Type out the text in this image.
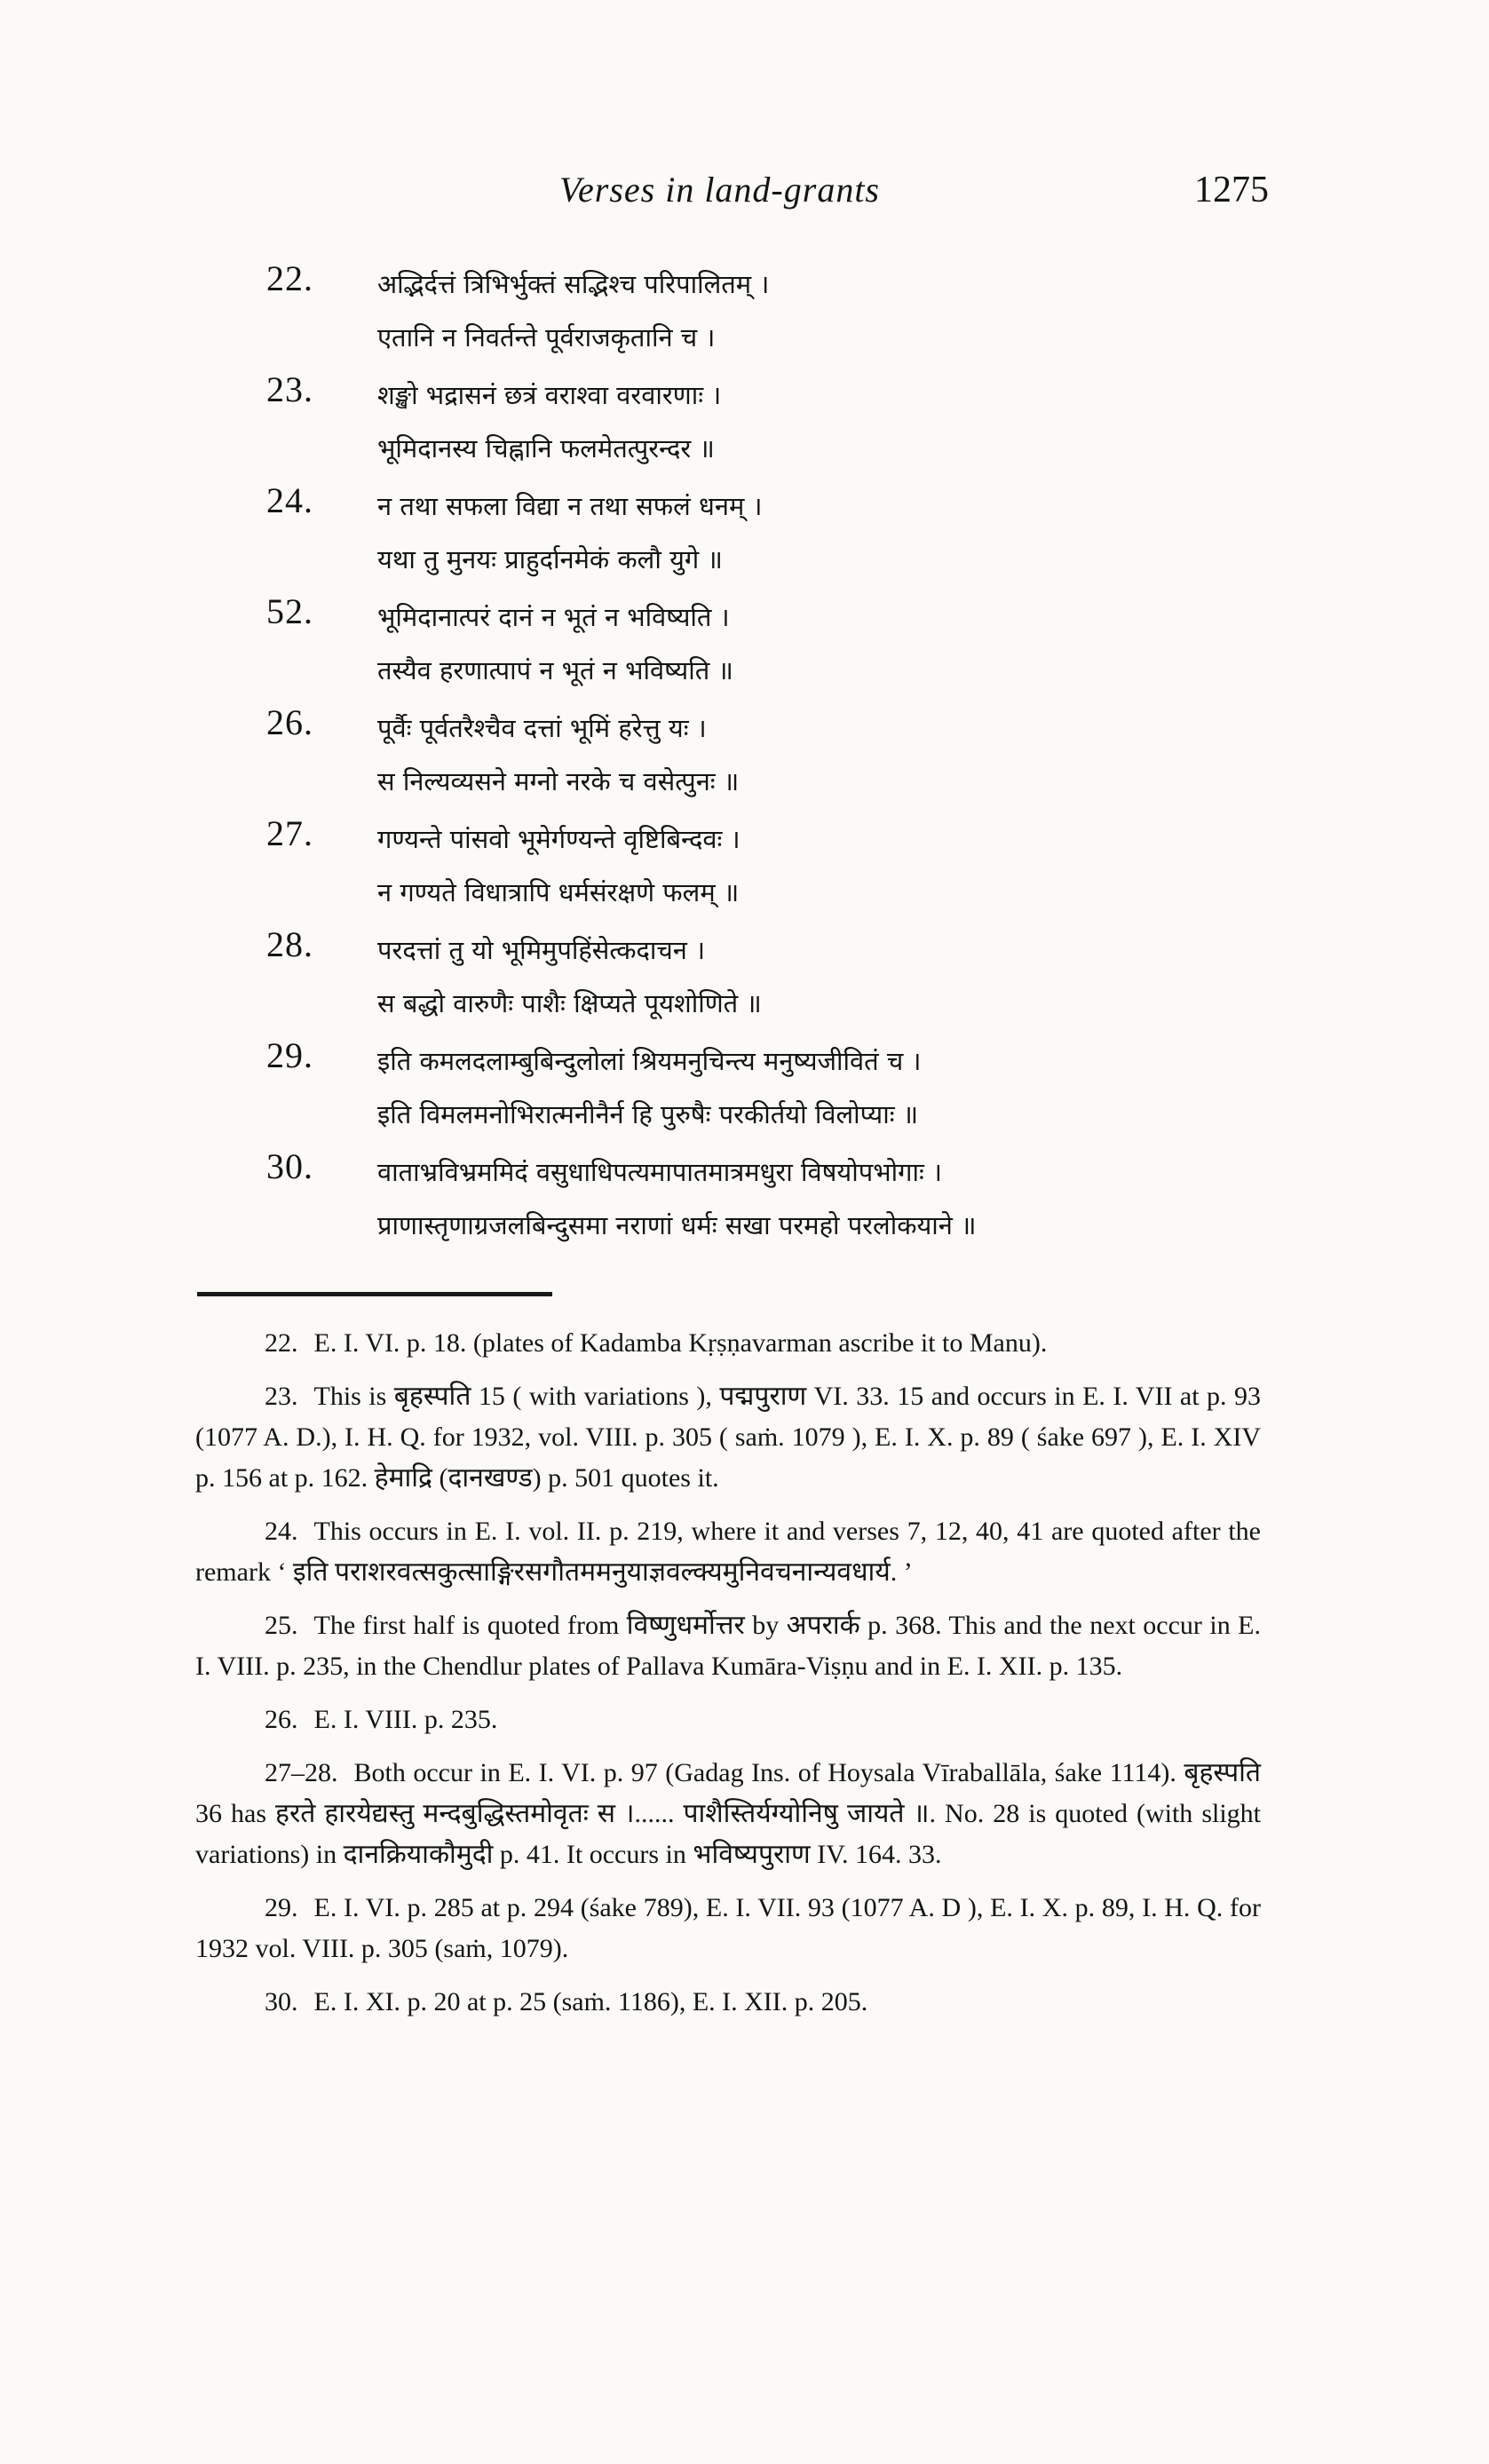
Verses in land-grants	1275
22. अद्भिर्दत्तं त्रिभिर्भुक्तं सद्भिश्च परिपालितम् ।
एतानि न निवर्तन्ते पूर्वराजकृतानि च ।
23. शङ्खो भद्रासनं छत्रं वराश्वा वरवारणाः ।
भूमिदानस्य चिह्नानि फलमेतत्पुरन्दर ॥
24. न तथा सफला विद्या न तथा सफलं धनम् ।
यथा तु मुनयः प्राहुर्दानमेकं कलौ युगे ॥
52. भूमिदानात्परं दानं न भूतं न भविष्यति ।
तस्यैव हरणात्पापं न भूतं न भविष्यति ॥
26. पूर्वैः पूर्वतरैश्चैव दत्तां भूमिं हरेत्तु यः ।
स निल्यव्यसने मग्नो नरके च वसेत्पुनः ॥
27. गण्यन्ते पांसवो भूमेर्गण्यन्ते वृष्टिबिन्दवः ।
न गण्यते विधात्रापि धर्मसंरक्षणे फलम् ॥
28. परदत्तां तु यो भूमिमुपहिंसेत्कदाचन ।
स बद्धो वारुणैः पाशैः क्षिप्यते पूयशोणिते ॥
29. इति कमलदलाम्बुबिन्दुलोलां श्रियमनुचिन्त्य मनुष्यजीवितं च ।
इति विमलमनोभिरात्मनीनैर्न हि पुरुषैः परकीर्तयो विलोप्याः ॥
30. वाताभ्रविभ्रममिदं वसुधाधिपत्यमापातमात्रमधुरा विषयोपभोगाः ।
प्राणास्तृणाग्रजलबिन्दुसमा नराणां धर्मः सखा परमहो परलोकयाने ॥

22. E. I. VI. p. 18. (plates of Kadamba Kṛṣṇavarman ascribe it to Manu).

23. This is बृहस्पति 15 ( with variations ), पद्मपुराण VI. 33. 15 and occurs in E. I. VII at p. 93 (1077 A. D.), I. H. Q. for 1932, vol. VIII. p. 305 ( saṁ. 1079 ), E. I. X. p. 89 ( śake 697 ), E. I. XIV p. 156 at p. 162. हेमाद्रि (दानखण्ड) p. 501 quotes it.

24. This occurs in E. I. vol. II. p. 219, where it and verses 7, 12, 40, 41 are quoted after the remark ‘ इति पराशरवत्सकुत्साङ्गिरसगौतममनुयाज्ञवल्क्यमुनिवचनान्यवधार्य. ’

25. The first half is quoted from विष्णुधर्मोत्तर by अपरार्क p. 368. This and the next occur in E. I. VIII. p. 235, in the Chendlur plates of Pallava Kumāra-Viṣṇu and in E. I. XII. p. 135.

26. E. I. VIII. p. 235.

27–28. Both occur in E. I. VI. p. 97 (Gadag Ins. of Hoysala Vīraballāla, śake 1114). बृहस्पति 36 has हरते हारयेद्यस्तु मन्दबुद्धिस्तमोवृतः स ।...... पाशैस्तिर्यग्योनिषु जायते ॥. No. 28 is quoted (with slight variations) in दानक्रियाकौमुदी p. 41. It occurs in भविष्यपुराण IV. 164. 33.

29. E. I. VI. p. 285 at p. 294 (śake 789), E. I. VII. 93 (1077 A. D ), E. I. X. p. 89, I. H. Q. for 1932 vol. VIII. p. 305 (saṁ, 1079).

30. E. I. XI. p. 20 at p. 25 (saṁ. 1186), E. I. XII. p. 205.
